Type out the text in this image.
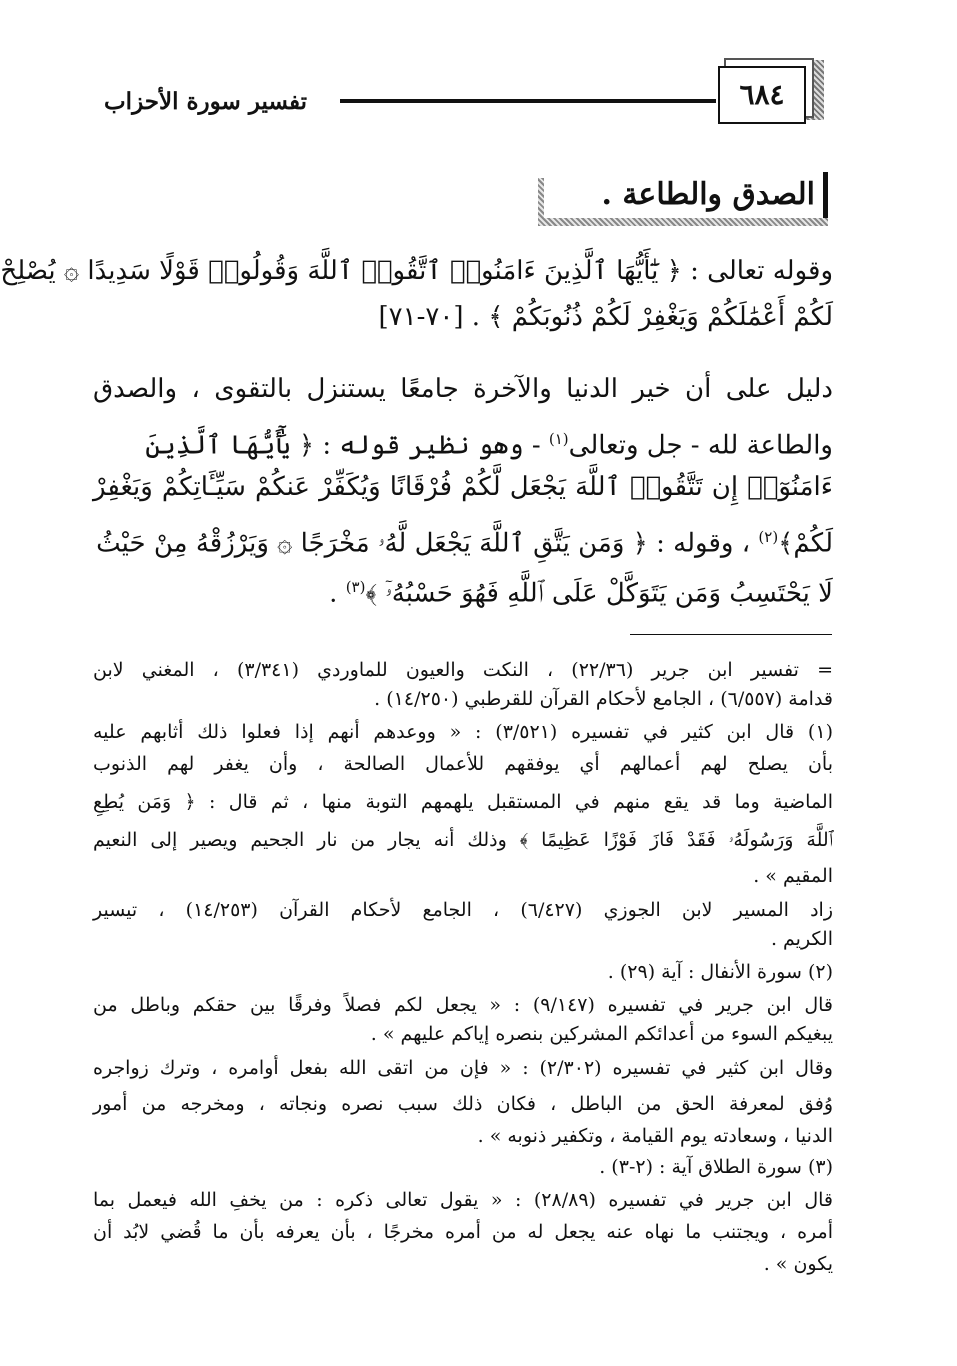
تفسير سورة الأحزاب	٦٨٤
الصدق والطاعة .
وقوله تعالى : ﴿ يَٰٓأَيُّهَا ٱلَّذِينَ ءَامَنُوا۟ ٱتَّقُوا۟ ٱللَّهَ وَقُولُوا۟ قَوْلًا سَدِيدًا ۞ يُصْلِحْ
لَكُمْ أَعْمَٰلَكُمْ وَيَغْفِرْ لَكُمْ ذُنُوبَكُمْ ﴾ . [٧٠-٧١]
دليل على أن خير الدنيا والآخرة جامعًا يستنزل بالتقوى ، والصدق
والطاعة لله - جل وتعالى$^{(١)}$ - وهو نظير قوله : ﴿ يَٰٓأَيُّهَا ٱلَّذِينَ
ءَامَنُوٓا۟ إِن تَتَّقُوا۟ ٱللَّهَ يَجْعَل لَّكُمْ فُرْقَانًا وَيُكَفِّرْ عَنكُمْ سَيِّـَٔاتِكُمْ وَيَغْفِرْ
لَكُمْ﴾$^{(٢)}$ ، وقوله : ﴿ وَمَن يَتَّقِ ٱللَّهَ يَجْعَل لَّهُۥ مَخْرَجًا ۞ وَيَرْزُقْهُ مِنْ حَيْثُ
لَا يَحْتَسِبُ وَمَن يَتَوَكَّلْ عَلَى ٱللَّهِ فَهُوَ حَسْبُهُۥٓ ﴾$^{(٣)}$ .
= تفسير ابن جرير (٢٢/٣٦) ، النكت والعيون للماوردي (٣/٣٤١) ، المغني لابن
قدامة (٦/٥٥٧) ، الجامع لأحكام القرآن للقرطبي (١٤/٢٥٠) .
(١) قال ابن كثير في تفسيره (٣/٥٢١) : « ووعدهم أنهم إذا فعلوا ذلك أثابهم عليه
بأن يصلح لهم أعمالهم أي يوفقهم للأعمال الصالحة ، وأن يغفر لهم الذنوب
الماضية وما قد يقع منهم في المستقبل يلهمهم التوبة منها ، ثم قال : ﴿ وَمَن يُطِعِ
ٱللَّهَ وَرَسُولَهُۥ فَقَدْ فَازَ فَوْزًا عَظِيمًا ﴾ وذلك أنه يجار من نار الجحيم ويصير إلى النعيم
المقيم » .
زاد المسير لابن الجوزي (٦/٤٢٧) ، الجامع لأحكام القرآن (١٤/٢٥٣) ، تيسير
الكريم .
(٢) سورة الأنفال : آية (٢٩) .
قال ابن جرير في تفسيره (٩/١٤٧) : « يجعل لكم فصلاً وفرقًا بين حقكم وباطل من
يبغيكم السوء من أعدائكم المشركين بنصره إياكم عليهم » .
وقال ابن كثير في تفسيره (٢/٣٠٢) : « فإن من اتقى الله بفعل أوامره ، وترك زواجره
وُفق لمعرفة الحق من الباطل ، فكان ذلك سبب نصره ونجاته ، ومخرجه من أمور
الدنيا ، وسعادته يوم القيامة ، وتكفير ذنوبه » .
(٣) سورة الطلاق آية : (٢-٣) .
قال ابن جرير في تفسيره (٢٨/٨٩) : « يقول تعالى ذكره : من يخفِ الله فيعمل بما
أمره ، ويجتنب ما نهاه عنه يجعل له من أمره مخرجًا ، بأن يعرفه بأن ما قُضي لابُد أن
يكون » .
